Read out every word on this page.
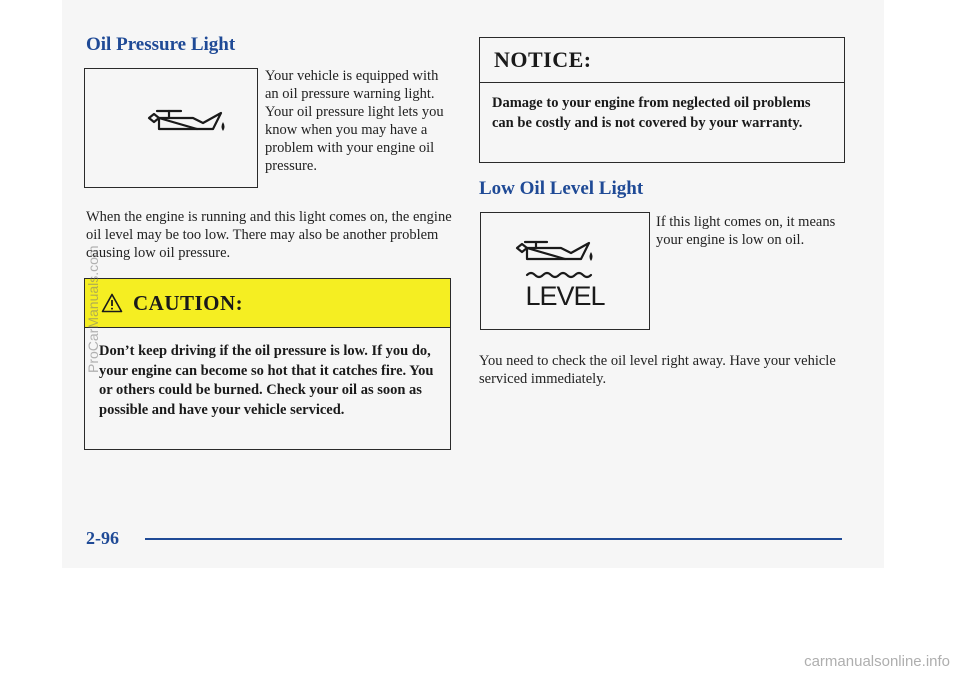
Oil Pressure Light
Your vehicle is equipped with an oil pressure warning light. Your oil pressure light lets you know when you may have a problem with your engine oil pressure.
When the engine is running and this light comes on, the engine oil level may be too low. There may also be another problem causing low oil pressure.
CAUTION:
Don’t keep driving if the oil pressure is low. If you do, your engine can become so hot that it catches fire. You or others could be burned. Check your oil as soon as possible and have your vehicle serviced.
NOTICE:
Damage to your engine from neglected oil problems can be costly and is not covered by your warranty.
Low Oil Level Light
LEVEL
If this light comes on, it means your engine is low on oil.
You need to check the oil level right away. Have your vehicle serviced immediately.
2-96
ProCarManuals.com
carmanualsonline.info
